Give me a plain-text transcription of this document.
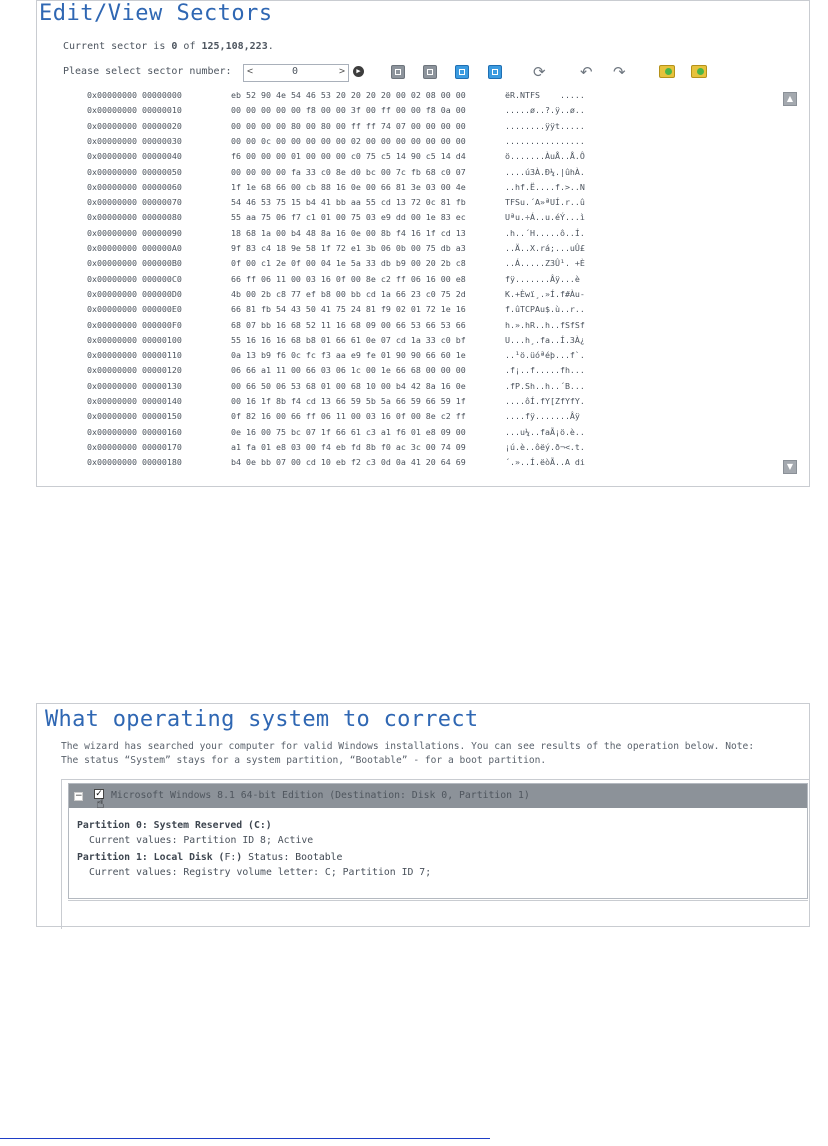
Edit/View Sectors
Current sector is 0 of 125,108,223.
Please select sector number: <	0	>	▶	⟳ ↶ ↷
0x00000000 00000000	eb 52 90 4e 54 46 53 20 20 20 20 00 02 08 00 00	ëR.NTFS    .....
0x00000000 00000010	00 00 00 00 00 f8 00 00 3f 00 ff 00 00 f8 0a 00	.....ø..?.ÿ..ø..
0x00000000 00000020	00 00 00 00 80 00 80 00 ff ff 74 07 00 00 00 00	........ÿÿt.....
0x00000000 00000030	00 00 0c 00 00 00 00 00 02 00 00 00 00 00 00 00	................
0x00000000 00000040	f6 00 00 00 01 00 00 00 c0 75 c5 14 90 c5 14 d4	ö.......ÀuÅ..Å.Ô
0x00000000 00000050	00 00 00 00 fa 33 c0 8e d0 bc 00 7c fb 68 c0 07	....ú3À.Ð¼.|ûhÀ.
0x00000000 00000060	1f 1e 68 66 00 cb 88 16 0e 00 66 81 3e 03 00 4e	..hf.Ë....f.>..N
0x00000000 00000070	54 46 53 75 15 b4 41 bb aa 55 cd 13 72 0c 81 fb	TFSu.´A»ªUÍ.r..û
0x00000000 00000080	55 aa 75 06 f7 c1 01 00 75 03 e9 dd 00 1e 83 ec	Uªu.÷Á..u.éÝ...ì
0x00000000 00000090	18 68 1a 00 b4 48 8a 16 0e 00 8b f4 16 1f cd 13	.h..´H.....ô..Í.
0x00000000 000000A0	9f 83 c4 18 9e 58 1f 72 e1 3b 06 0b 00 75 db a3	..Ä..X.rá;...uÛ£
0x00000000 000000B0	0f 00 c1 2e 0f 00 04 1e 5a 33 db b9 00 20 2b c8	..Á.....Z3Û¹. +È
0x00000000 000000C0	66 ff 06 11 00 03 16 0f 00 8e c2 ff 06 16 00 e8	fÿ.......Âÿ...è
0x00000000 000000D0	4b 00 2b c8 77 ef b8 00 bb cd 1a 66 23 c0 75 2d	K.+Èwï¸.»Í.f#Àu-
0x00000000 000000E0	66 81 fb 54 43 50 41 75 24 81 f9 02 01 72 1e 16	f.ûTCPAu$.ù..r..
0x00000000 000000F0	68 07 bb 16 68 52 11 16 68 09 00 66 53 66 53 66	h.».hR..h..fSfSf
0x00000000 00000100	55 16 16 16 68 b8 01 66 61 0e 07 cd 1a 33 c0 bf	U...h¸.fa..Í.3À¿
0x00000000 00000110	0a 13 b9 f6 0c fc f3 aa e9 fe 01 90 90 66 60 1e	..¹ö.üóªéþ...f`.
0x00000000 00000120	06 66 a1 11 00 66 03 06 1c 00 1e 66 68 00 00 00	.f¡..f.....fh...
0x00000000 00000130	00 66 50 06 53 68 01 00 68 10 00 b4 42 8a 16 0e	.fP.Sh..h..´B...
0x00000000 00000140	00 16 1f 8b f4 cd 13 66 59 5b 5a 66 59 66 59 1f	....ôÍ.fY[ZfYfY.
0x00000000 00000150	0f 82 16 00 66 ff 06 11 00 03 16 0f 00 8e c2 ff	....fÿ.......Âÿ
0x00000000 00000160	0e 16 00 75 bc 07 1f 66 61 c3 a1 f6 01 e8 09 00	...u¼..faÃ¡ö.è..
0x00000000 00000170	a1 fa 01 e8 03 00 f4 eb fd 8b f0 ac 3c 00 74 09	¡ú.è..ôëý.ð¬<.t.
0x00000000 00000180	b4 0e bb 07 00 cd 10 eb f2 c3 0d 0a 41 20 64 69	´.»..Í.ëòÃ..A di
▲
▼
What operating system to correct
The wizard has searched your computer for valid Windows installations. You can see results of the operation below. Note:
The status “System” stays for a system partition, “Bootable” - for a boot partition.
− ✓
☝
Microsoft Windows 8.1 64-bit Edition (Destination: Disk 0, Partition 1)
Partition 0: System Reserved (C:)
Current values: Partition ID 8; Active
Partition 1: Local Disk (F:) Status: Bootable
Current values: Registry volume letter: C; Partition ID 7;
